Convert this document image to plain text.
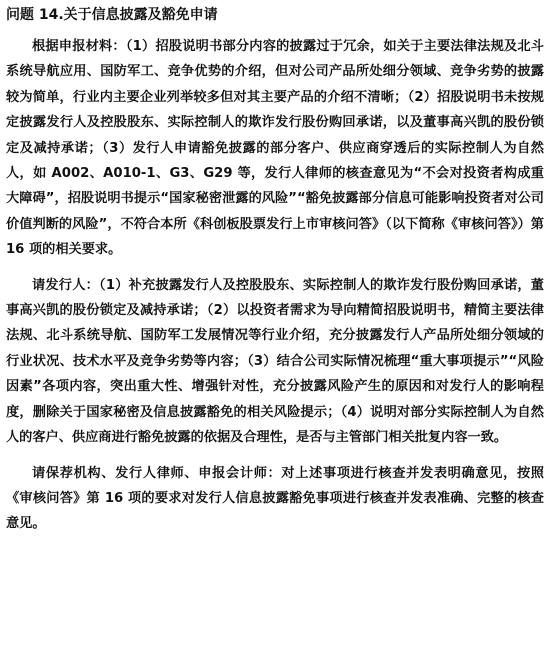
问题 14.关于信息披露及豁免申请

根据申报材料：（1）招股说明书部分内容的披露过于冗余，如关于主要法律法规及北斗系统导航应用、国防军工、竞争优势的介绍，但对公司产品所处细分领域、竞争劣势的披露较为简单，行业内主要企业列举较多但对其主要产品的介绍不清晰；（2）招股说明书未按规定披露发行人及控股股东、实际控制人的欺诈发行股份购回承诺，以及董事高兴凯的股份锁定及减持承诺；（3）发行人申请豁免披露的部分客户、供应商穿透后的实际控制人为自然人，如 A002、A010-1、G3、G29 等，发行人律师的核查意见为“不会对投资者构成重大障碍”，招股说明书提示“国家秘密泄露的风险”“豁免披露部分信息可能影响投资者对公司价值判断的风险”，不符合本所《科创板股票发行上市审核问答》（以下简称《审核问答》）第 16 项的相关要求。

请发行人：（1）补充披露发行人及控股股东、实际控制人的欺诈发行股份购回承诺，董事高兴凯的股份锁定及减持承诺；（2）以投资者需求为导向精简招股说明书，精简主要法律法规、北斗系统导航、国防军工发展情况等行业介绍，充分披露发行人产品所处细分领域的行业状况、技术水平及竞争劣势等内容；（3）结合公司实际情况梳理“重大事项提示”“风险因素”各项内容，突出重大性、增强针对性，充分披露风险产生的原因和对发行人的影响程度，删除关于国家秘密及信息披露豁免的相关风险提示；（4）说明对部分实际控制人为自然人的客户、供应商进行豁免披露的依据及合理性，是否与主管部门相关批复内容一致。

请保荐机构、发行人律师、申报会计师：对上述事项进行核查并发表明确意见，按照《审核问答》第 16 项的要求对发行人信息披露豁免事项进行核查并发表准确、完整的核查意见。
